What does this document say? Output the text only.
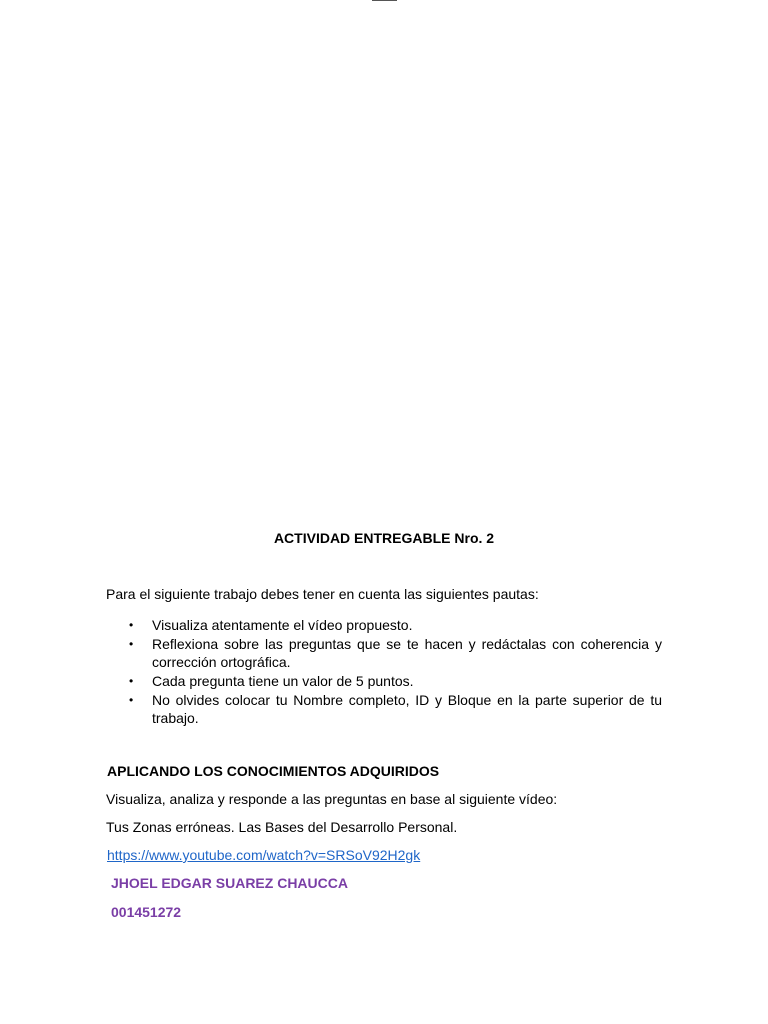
ACTIVIDAD ENTREGABLE Nro. 2
Para el siguiente trabajo debes tener en cuenta las siguientes pautas:
• Visualiza atentamente el vídeo propuesto.
• Reflexiona sobre las preguntas que se te hacen y redáctalas con coherencia y corrección ortográfica.
• Cada pregunta tiene un valor de 5 puntos.
• No olvides colocar tu Nombre completo, ID y Bloque en la parte superior de tu trabajo.
APLICANDO LOS CONOCIMIENTOS ADQUIRIDOS
Visualiza, analiza y responde a las preguntas en base al siguiente vídeo:
Tus Zonas erróneas. Las Bases del Desarrollo Personal.
https://www.youtube.com/watch?v=SRSoV92H2gk
JHOEL EDGAR SUAREZ CHAUCCA
001451272
